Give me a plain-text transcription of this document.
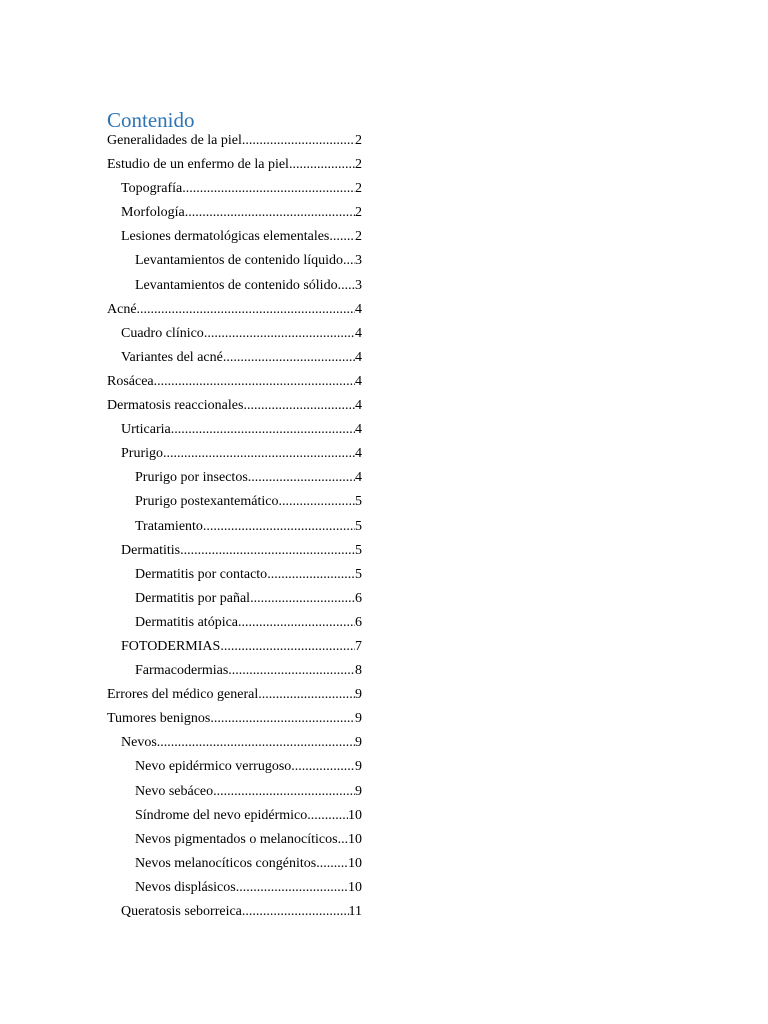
Contenido
Generalidades de la piel .....	2
Estudio de un enfermo de la piel .....	2
Topografía .....	2
Morfología .....	2
Lesiones dermatológicas elementales ..... 2
Levantamientos de contenido líquido ..... 3
Levantamientos de contenido sólido ..... 3
Acné .....	4
Cuadro clínico .....	4
Variantes del acné .....	4
Rosácea .....	4
Dermatosis reaccionales .....	4
Urticaria .....	4
Prurigo .....	4
Prurigo por insectos .....	4
Prurigo postexantemático .....	5
Tratamiento .....	5
Dermatitis .....	5
Dermatitis por contacto .....	5
Dermatitis por pañal .....	6
Dermatitis atópica .....	6
FOTODERMIAS .....	7
Farmacodermias .....	8
Errores del médico general .....	9
Tumores benignos .....	9
Nevos .....	9
Nevo epidérmico verrugoso .....	9
Nevo sebáceo .....	9
Síndrome del nevo epidérmico .....	10
Nevos pigmentados o melanocíticos ..... 10
Nevos melanocíticos congénitos ..... 10
Nevos displásicos .....	10
Queratosis seborreica .....	11
